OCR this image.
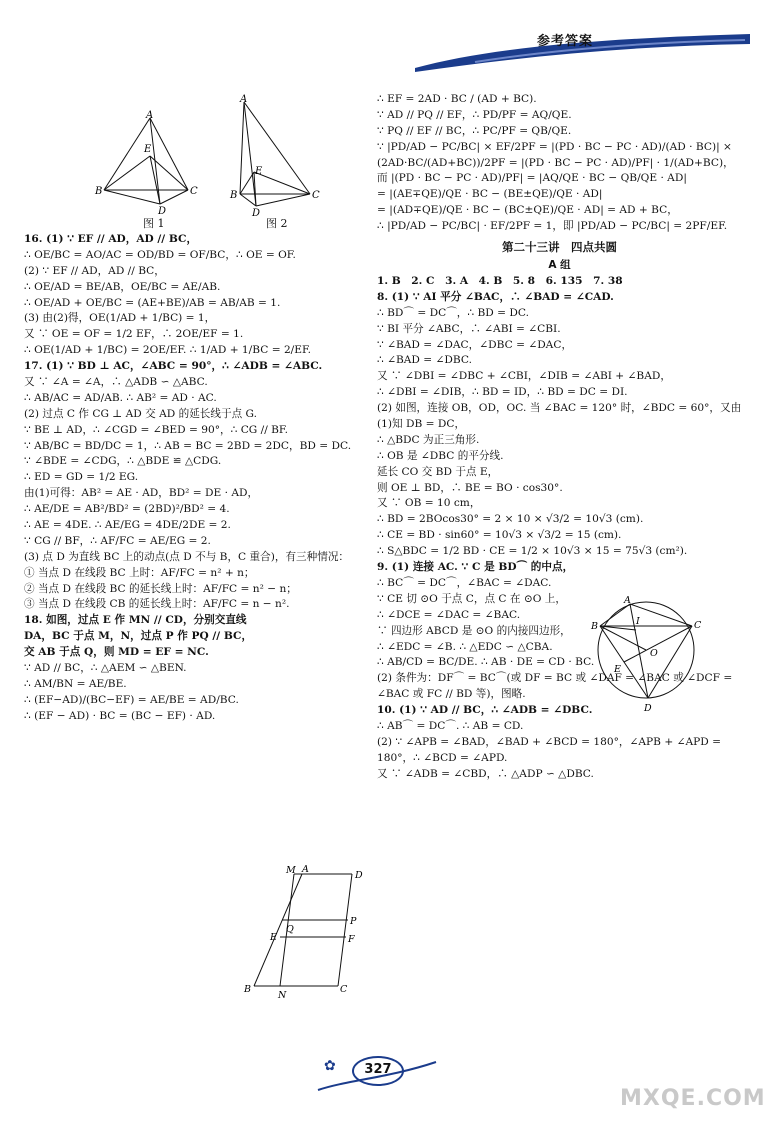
参考答案
A
E
B	C
D
图 1
A
E
B	C
D
图 2

16. (1) ∵ EF // AD，AD // BC，

∴ OE/BC = AO/AC = OD/BD = OF/BC，∴ OE = OF.

(2) ∵ EF // AD，AD // BC，

∴ OE/AD = BE/AB，OE/BC = AE/AB.

∴ OE/AD + OE/BC = (AE+BE)/AB = AB/AB = 1.

(3) 由(2)得，OE(1/AD + 1/BC) = 1，

又 ∵ OE = OF = 1/2 EF，∴ 2OE/EF = 1.

∴ OE(1/AD + 1/BC) = 2OE/EF. ∴ 1/AD + 1/BC = 2/EF.

17. (1) ∵ BD ⊥ AC，∠ABC = 90°，∴ ∠ADB = ∠ABC.

又 ∵ ∠A = ∠A，∴ △ADB ∽ △ABC.

∴ AB/AC = AD/AB. ∴ AB² = AD · AC.

(2) 过点 C 作 CG ⊥ AD 交 AD 的延长线于点 G.

∵ BE ⊥ AD，∴ ∠CGD = ∠BED = 90°，∴ CG // BF.

∵ AB/BC = BD/DC = 1，∴ AB = BC = 2BD = 2DC，BD = DC.

∵ ∠BDE = ∠CDG，∴ △BDE ≌ △CDG.

∴ ED = GD = 1/2 EG.

由(1)可得：AB² = AE · AD，BD² = DE · AD，

∴ AE/DE = AB²/BD² = (2BD)²/BD² = 4.

∴ AE = 4DE. ∴ AE/EG = 4DE/2DE = 2.

∵ CG // BF，∴ AF/FC = AE/EG = 2.

(3) 点 D 为直线 BC 上的动点(点 D 不与 B，C 重合)，有三种情况：

① 当点 D 在线段 BC 上时：AF/FC = n² + n；

② 当点 D 在线段 BC 的延长线上时：AF/FC = n² − n；

③ 当点 D 在线段 CB 的延长线上时：AF/FC = n − n².

18. 如图，过点 E 作 MN // CD，分别交直线 DA，BC 于点 M，N，过点 P 作 PQ // BC，交 AB 于点 Q，则 MD = EF = NC.

∵ AD // BC，∴ △AEM ∽ △BEN.

∴ AM/BN = AE/BE.

∴ (EF−AD)/(BC−EF) = AE/BE = AD/BC.

∴ (EF − AD) · BC = (BC − EF) · AD.

M A
D
P
F
E
Q
B
N
C

∴ EF = 2AD · BC / (AD + BC).

∵ AD // PQ // EF，∴ PD/PF = AQ/QE.

∵ PQ // EF // BC，∴ PC/PF = QB/QE.

∵ |PD/AD − PC/BC| × EF/2PF = |(PD · BC − PC · AD)/(AD · BC)| × (2AD·BC/(AD+BC))/2PF = |(PD · BC − PC · AD)/PF| · 1/(AD+BC)，

而 |(PD · BC − PC · AD)/PF| = |AQ/QE · BC − QB/QE · AD|

= |(AE∓QE)/QE · BC − (BE±QE)/QE · AD|

= |(AD∓QE)/QE · BC − (BC±QE)/QE · AD| = AD + BC，

∴ |PD/AD − PC/BC| · EF/2PF = 1，即 |PD/AD − PC/BC| = 2PF/EF.

第二十三讲　四点共圆
A 组

1. B　2. C　3. A　4. B　5. 8　6. 135　7. 38

8. (1) ∵ AI 平分 ∠BAC，∴ ∠BAD = ∠CAD.

∴ BD⌒ = DC⌒，∴ BD = DC.

∵ BI 平分 ∠ABC，∴ ∠ABI = ∠CBI.

∵ ∠BAD = ∠DAC，∠DBC = ∠DAC，

∴ ∠BAD = ∠DBC.

又 ∵ ∠DBI = ∠DBC + ∠CBI，∠DIB = ∠ABI + ∠BAD，

∴ ∠DBI = ∠DIB，∴ BD = ID，∴ BD = DC = DI.

(2) 如图，连接 OB，OD，OC. 当 ∠BAC = 120° 时，∠BDC = 60°，又由(1)知 DB = DC，

∴ △BDC 为正三角形.

∴ OB 是 ∠DBC 的平分线.

延长 CO 交 BD 于点 E，

则 OE ⊥ BD，∴ BE = BO · cos30°.

又 ∵ OB = 10 cm，

∴ BD = 2BOcos30° = 2 × 10 × √3/2 = 10√3 (cm).

∴ CE = BD · sin60° = 10√3 × √3/2 = 15 (cm).

∴ S△BDC = 1/2 BD · CE = 1/2 × 10√3 × 15 = 75√3 (cm²).

9. (1) 连接 AC. ∵ C 是 BD⌒ 的中点，

∴ BC⌒ = DC⌒，∠BAC = ∠DAC.

∵ CE 切 ⊙O 于点 C，点 C 在 ⊙O 上，

∴ ∠DCE = ∠DAC = ∠BAC.

∵ 四边形 ABCD 是 ⊙O 的内接四边形，

∴ ∠EDC = ∠B. ∴ △EDC ∽ △CBA.

∴ AB/CD = BC/DE. ∴ AB · DE = CD · BC.

(2) 条件为：DF⌒ = BC⌒(或 DF = BC 或 ∠DAF = ∠BAC 或 ∠DCF = ∠BAC 或 FC // BD 等)，图略.

10. (1) ∵ AD // BC，∴ ∠ADB = ∠DBC.

∴ AB⌒ = DC⌒. ∴ AB = CD.

(2) ∵ ∠APB = ∠BAD，∠BAD + ∠BCD = 180°，∠APB + ∠APD = 180°，∴ ∠BCD = ∠APD.

又 ∵ ∠ADB = ∠CBD，∴ △ADP ∽ △DBC.

A
B	C
I
O
E
D
✿	327
MXQE.COM
